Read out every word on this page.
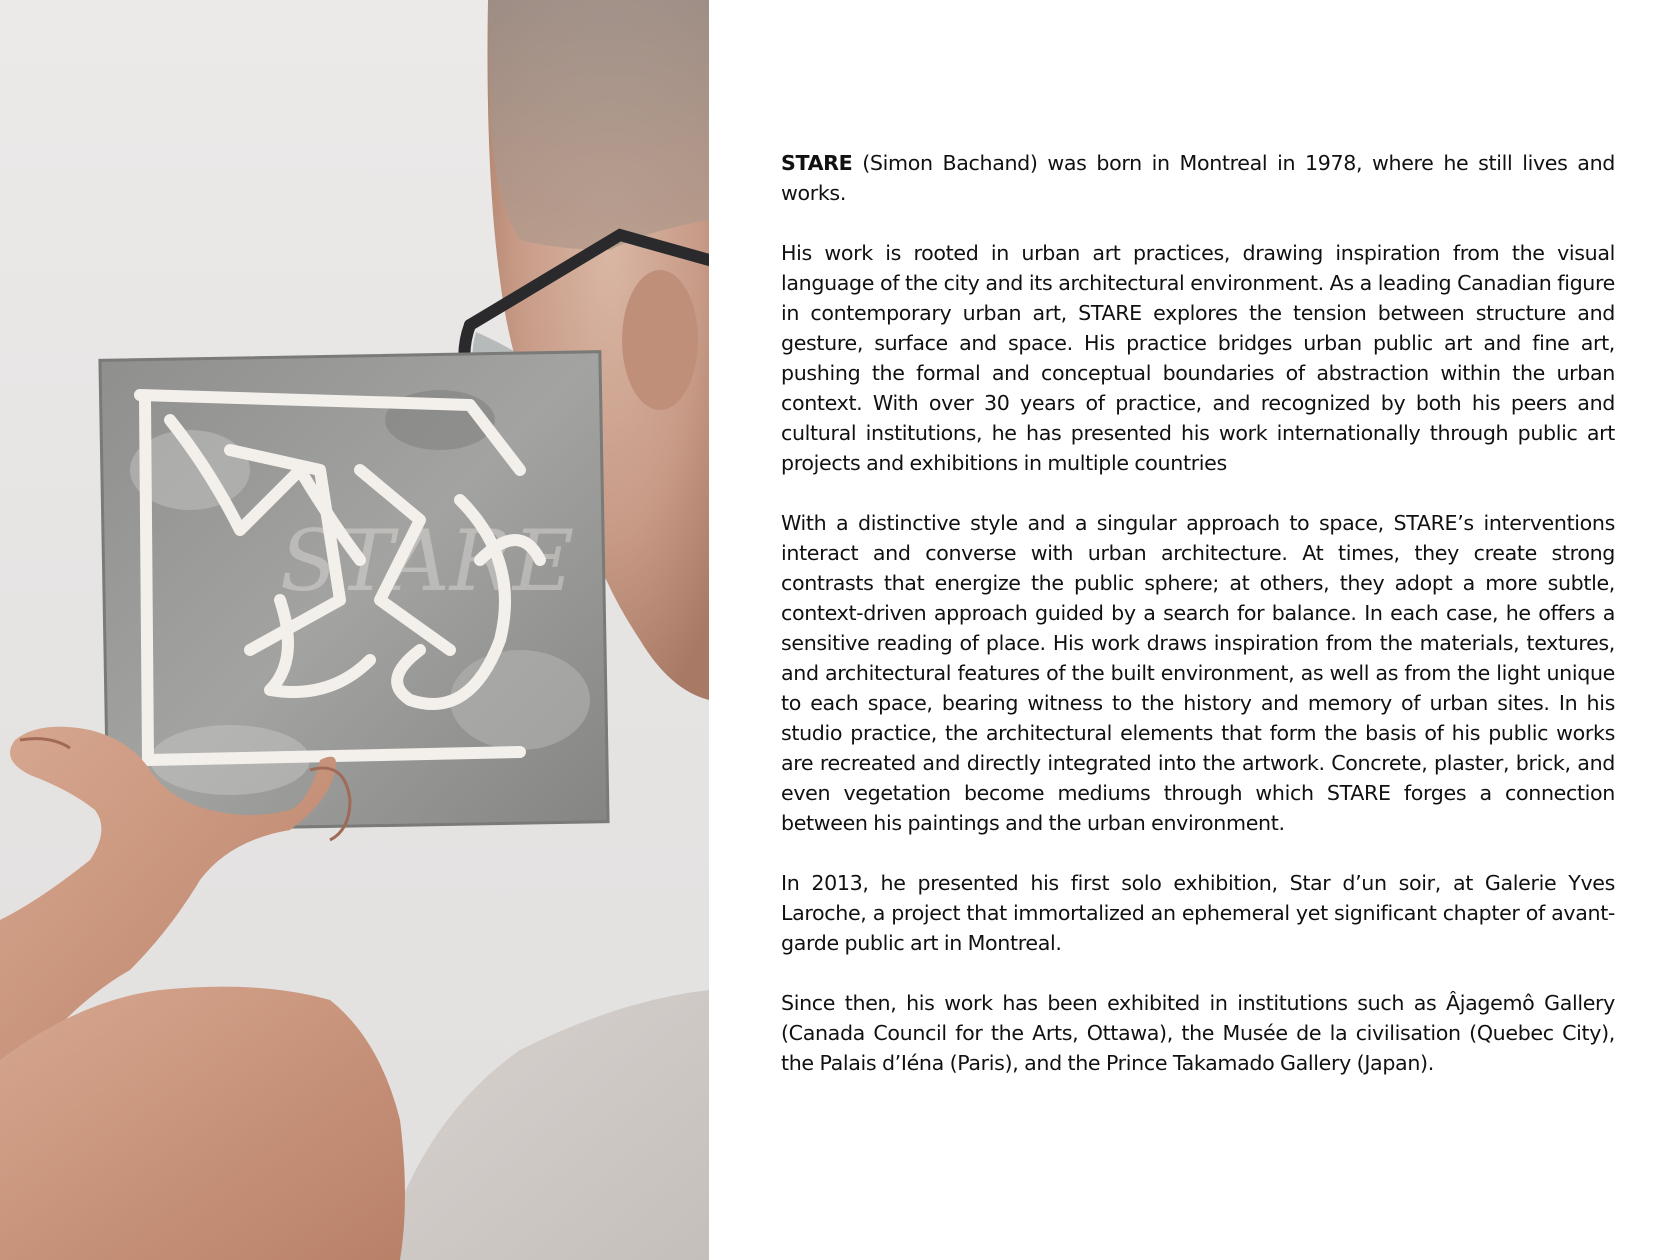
STARE

STARE (Simon Bachand) was born in Montreal in 1978, where he still lives and works.

His work is rooted in urban art practices, drawing inspiration from the visual language of the city and its architectural environment. As a leading Canadian figure in contemporary urban art, STARE explores the tension between structure and gesture, surface and space. His practice bridges urban public art and fine art, pushing the formal and conceptual boundaries of abstraction within the urban context. With over 30 years of practice, and recognized by both his peers and cultural institutions, he has presented his work internationally through public art projects and exhibitions in multiple countries

With a distinctive style and a singular approach to space, STARE’s interventions interact and converse with urban architecture. At times, they create strong contrasts that energize the public sphere; at others, they adopt a more subtle, context-driven approach guided by a search for balance. In each case, he offers a sensitive reading of place. His work draws inspiration from the materials, textures, and architectural features of the built environment, as well as from the light unique to each space, bearing witness to the history and memory of urban sites. In his studio practice, the architectural elements that form the basis of his public works are recreated and directly integrated into the artwork. Concrete, plaster, brick, and even vegetation become mediums through which STARE forges a connection between his paintings and the urban environment.

In 2013, he presented his first solo exhibition, Star d’un soir, at Galerie Yves Laroche, a project that immortalized an ephemeral yet significant chapter of avant-garde public art in Montreal.

Since then, his work has been exhibited in institutions such as Âjagemô Gallery (Canada Council for the Arts, Ottawa), the Musée de la civilisation (Quebec City), the Palais d’Iéna (Paris), and the Prince Takamado Gallery (Japan).
